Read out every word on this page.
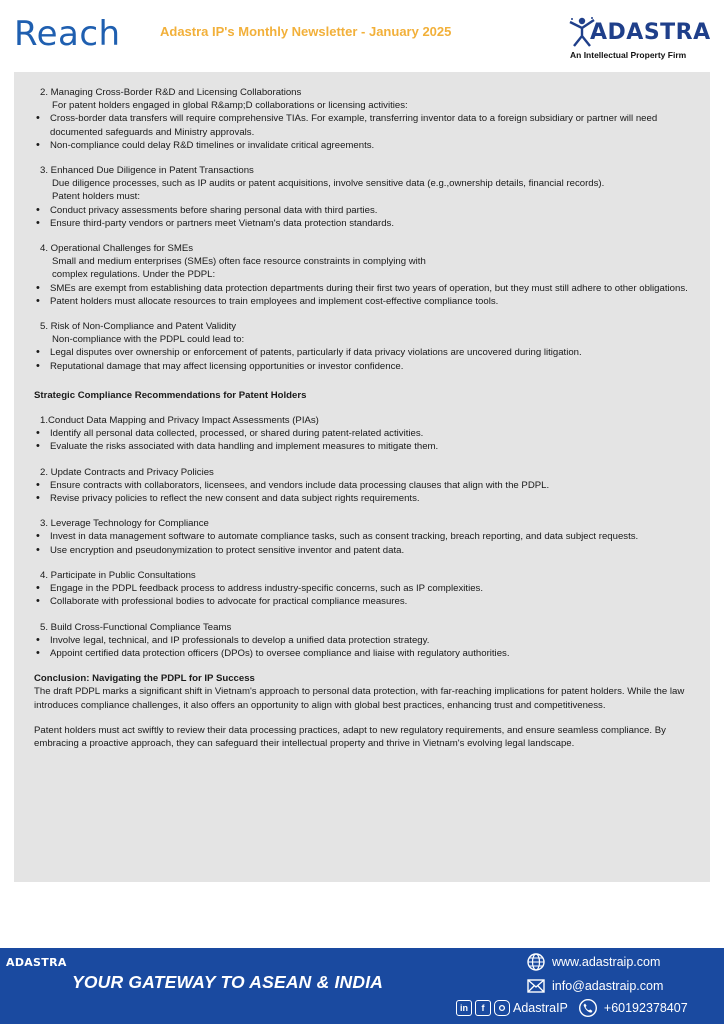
Reach	Adastra IP's Monthly Newsletter - January 2025	ADASTRA
An Intellectual Property Firm
2. Managing Cross-Border R&D and Licensing Collaborations
For patent holders engaged in global R&amp;D collaborations or licensing activities:
• Cross-border data transfers will require comprehensive TIAs. For example, transferring inventor data to a foreign subsidiary or partner will need documented safeguards and Ministry approvals.
• Non-compliance could delay R&D timelines or invalidate critical agreements.
3. Enhanced Due Diligence in Patent Transactions
Due diligence processes, such as IP audits or patent acquisitions, involve sensitive data (e.g.,ownership details, financial records).
Patent holders must:
• Conduct privacy assessments before sharing personal data with third parties.
• Ensure third-party vendors or partners meet Vietnam's data protection standards.
4. Operational Challenges for SMEs
Small and medium enterprises (SMEs) often face resource constraints in complying with
complex regulations. Under the PDPL:
• SMEs are exempt from establishing data protection departments during their first two years of operation, but they must still adhere to other obligations.
• Patent holders must allocate resources to train employees and implement cost-effective compliance tools.
5. Risk of Non-Compliance and Patent Validity
Non-compliance with the PDPL could lead to:
• Legal disputes over ownership or enforcement of patents, particularly if data privacy violations are uncovered during litigation.
• Reputational damage that may affect licensing opportunities or investor confidence.
Strategic Compliance Recommendations for Patent Holders
1.Conduct Data Mapping and Privacy Impact Assessments (PIAs)
• Identify all personal data collected, processed, or shared during patent-related activities.
• Evaluate the risks associated with data handling and implement measures to mitigate them.
2. Update Contracts and Privacy Policies
• Ensure contracts with collaborators, licensees, and vendors include data processing clauses that align with the PDPL.
• Revise privacy policies to reflect the new consent and data subject rights requirements.
3. Leverage Technology for Compliance
• Invest in data management software to automate compliance tasks, such as consent tracking, breach reporting, and data subject requests.
• Use encryption and pseudonymization to protect sensitive inventor and patent data.
4. Participate in Public Consultations
• Engage in the PDPL feedback process to address industry-specific concerns, such as IP complexities.
• Collaborate with professional bodies to advocate for practical compliance measures.
5. Build Cross-Functional Compliance Teams
• Involve legal, technical, and IP professionals to develop a unified data protection strategy.
• Appoint certified data protection officers (DPOs) to oversee compliance and liaise with regulatory authorities.
Conclusion: Navigating the PDPL for IP Success
The draft PDPL marks a significant shift in Vietnam's approach to personal data protection, with far-reaching implications for patent holders. While the law introduces compliance challenges, it also offers an opportunity to align with global best practices, enhancing trust and competitiveness.
Patent holders must act swiftly to review their data processing practices, adapt to new regulatory requirements, and ensure seamless compliance. By embracing a proactive approach, they can safeguard their intellectual property and thrive in Vietnam's evolving legal landscape.
ADASTRA
YOUR GATEWAY TO ASEAN & INDIA
www.adastraip.com
info@adastraip.com
in	f	AdastraIP	+60192378407
